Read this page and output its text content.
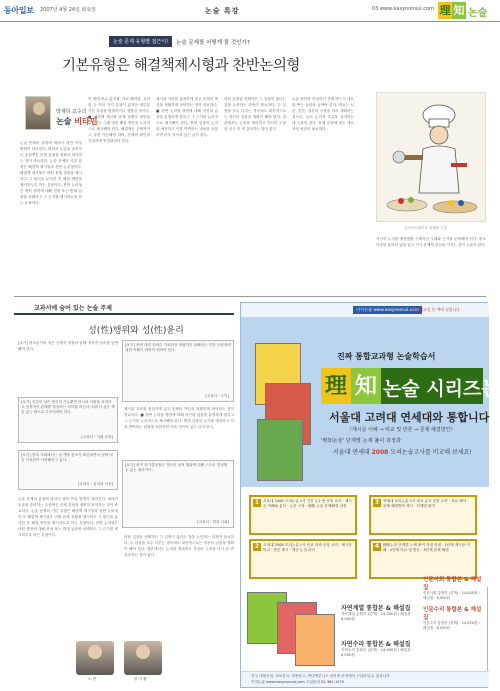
동아일보 2007년 4월 24일 화요일	논술 특강	03 www.easynonsul.com 理 知 논술
논술 문제 유형별 접근이!	논술 문제를 어떻게 풀 것인가?
기본유형은 해결책제시형과 찬반논의형
박재하 교수의
논술 비타민
논술 문제의 유형에 따라서 답안 작성 방법이 달라진다. 따라서 논술을 준비하는 수험생은 문제 유형을 정확히 파악하는 것이 중요하다. 논술 문제의 기본 유형은 해결책 제시형과 찬반 논의형이다. 해결책 제시형은 어떤 문제 상황을 제시하고 그 원인을 분석한 후 해결 방안을 제시하도록 하는 유형이다. 찬반 논의형은 어떤 쟁점에 대해 찬성 또는 반대 입장을 선택하고 그 근거를 제시하도록 하는 유형이다.
이 밖에 비교 분석형, 자료 해석형, 요약형 등 여러 가지 유형이 있지만 대부분 기본 유형을 변형하거나 결합한 것이다. ■ 해결책 제시형 문제 상황의 원인을 분석하고 그에 대한 해결 방안을 논리적으로 제시해야 한다. 해결책은 구체적이고 실현 가능해야 하며, 문제의 원인과 긴밀하게 연결되어야 한다.
제시된 자료를 꼼꼼하게 읽고 문제의 핵심을 정확하게 파악하는 것이 중요하다. ■ 찬반 논의형 쟁점에 대해 자신의 입장을 분명하게 밝히고 그 근거를 논리적으로 제시해야 한다. 반대 입장의 논거를 예상하고 이를 반박하는 내용을 포함하면 더욱 설득력 있는 글이 된다.
어떤 입장을 선택하든 그 입장이 옳다는 것을 논증하는 과정이 중요하다. 두 입장을 모두 다루는 경우에도 최종적으로는 자신의 입장을 명확히 해야 한다. 결론에서는 논의를 정리하고 자신의 주장을 다시 한 번 강조하는 것이 좋다.
논술 답안을 작성하기 전에 반드시 개요를 짜는 습관을 들여야 한다. 개요는 서론, 본론, 결론의 구성을 미리 계획하는 것으로, 글의 논리적 흐름을 유지하는 데 도움이 된다. 문제 유형에 맞는 개요 작성 연습이 필요하다.
자신의 논지를 뒷받침할 구체적인 사례와 근거를 준비해야 한다. 평소 다양한 분야의 글을 읽고 시사 문제에 관심을 가지는 것이 도움이 된다.
일러스트레이션 최재용 기자
교과서에 숨어 있는 논술 주제
성(性)행위와 성(性)윤리
[보기] 청소년기의 성은 신체적 성장과 함께 정서적 성숙을 동반해야 한다.
[보기] 인간의 성은 생식의 기능뿐만 아니라 사랑을 표현하고 인격적인 관계를 형성하는 의미를 지닌다. 따라서 성은 책임 있는 태도로 다루어져야 한다.
[교과서 : 사회·문화]
[보기] 현대 사회에서는 성 개방 풍조가 확산되면서 성에 대한 가치관이 다양해지고 있다.
[교과서 : 윤리와 사상]
논술 문제의 유형에 따라서 답안 작성 방법이 달라진다. 따라서 논술을 준비하는 수험생은 문제 유형을 정확히 파악하는 것이 중요하다. 논술 문제의 기본 유형은 해결책 제시형과 찬반 논의형이다. 해결책 제시형은 어떤 문제 상황을 제시하고 그 원인을 분석한 후 해결 방안을 제시하도록 하는 유형이다. 찬반 논의형은 어떤 쟁점에 대해 찬성 또는 반대 입장을 선택하고 그 근거를 제시하도록 하는 유형이다.
[보기] 성에 대한 올바른 가치관을 정립하기 위해서는 인간 존엄성에 대한 이해가 바탕이 되어야 한다.
[교과서 : 도덕]
제시된 자료를 꼼꼼하게 읽고 문제의 핵심을 정확하게 파악하는 것이 중요하다. ■ 찬반 논의형 쟁점에 대해 자신의 입장을 분명하게 밝히고 그 근거를 논리적으로 제시해야 한다. 반대 입장의 논거를 예상하고 이를 반박하는 내용을 포함하면 더욱 설득력 있는 글이 된다.
[보기] 성적 자기결정권은 자신의 성적 행위에 대해 스스로 결정할 수 있는 권리이다.
[교과서 : 법과 사회]
어떤 입장을 선택하든 그 입장이 옳다는 것을 논증하는 과정이 중요하다. 두 입장을 모두 다루는 경우에도 최종적으로는 자신의 입장을 명확히 해야 한다. 결론에서는 논의를 정리하고 자신의 주장을 다시 한 번 강조하는 것이 좋다.
노 단	한 시 환
이지논술 www.easynonsul.com
매주 화요일 본 책에 실립니다
진짜 통합교과형 논술학습서
理 知 논술 시리즈는
서울대 고려대 연세대와 통합니다
《제시문 이해 → 비교 및 반론 → 문제 해결방안》
'理知논술' 단계별 논제 풀이 과정과
서울대 연세대 2008 모의논술고사를 비교해 보세요!
1	서울대 2008 모의논술고사 인문 1,2 번 문항 요약 · 제시문 이해와 분석 · 논증 구성 · 理知 논술 문제해결 과정	3	연세대 모의논술고사 비교 분석 문항 요약 · 자료 해석 · 문제 해결방안 제시 · 단계별 풀이
2	고려대 2008 모의논술고사 인문 과학 문항 요약 · 제시문 비교 · 반론 제시 · 핵심 논점 파악	4	理知논술 단계별 논제 풀이 과정 안내 · 1단계 제시문 이해 · 2단계 비교 및 반론 · 3단계 문제 해결
자연계열 통합본 & 해설집
자연계열 통합본 (본책) · 14,000원 / 해설집 · 6,000원
자연수리 통합본 & 해설집
자연수리 통합본 (본책) · 14,000원 / 해설집 · 6,000원
인문사회 통합본 & 해설집
인문사회 통합본 (본책) · 14,000원 / 해설집 · 6,000원
인문수리 통합본 & 해설집
인문수리 통합본 (본책) · 14,000원 / 해설집 · 6,000원
전국 대형서점, 교보문고, 영풍문고, 반디앤루니스 인터넷 서점에서 구입하실 수 있습니다.
이지논술 www.easynonsul.com 구입문의 02-361-1575
